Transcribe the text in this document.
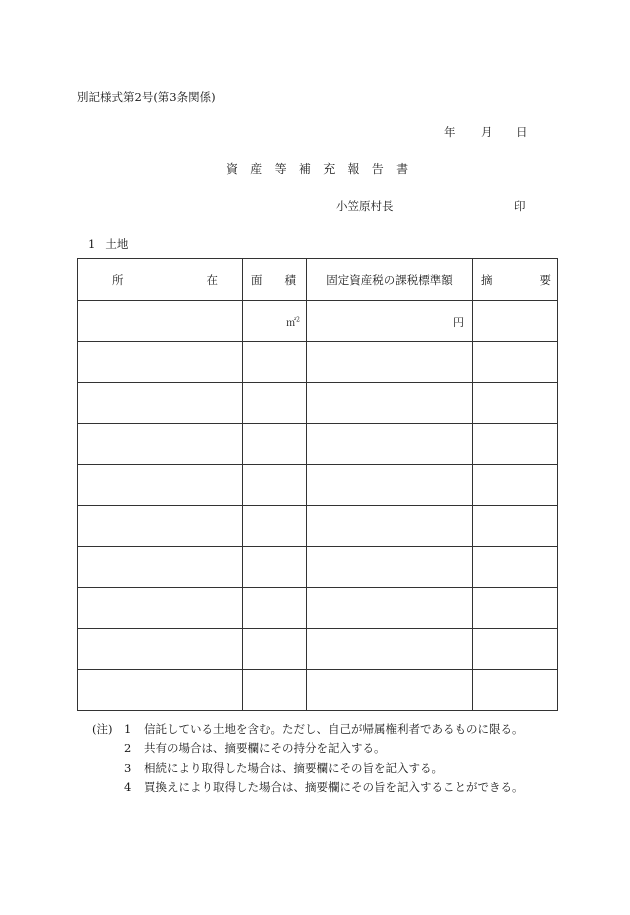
別記様式第2号(第3条関係)
年 月 日
資産等補充報告書
小笠原村長	印
1 土地
所 在	面 積	固定資産税の課税標準額	摘 要

	㎡$^2$	円	

(注)	1	信託している土地を含む。ただし、自己が帰属権利者であるものに限る。
2	共有の場合は、摘要欄にその持分を記入する。
3	相続により取得した場合は、摘要欄にその旨を記入する。
4	買換えにより取得した場合は、摘要欄にその旨を記入することができる。
